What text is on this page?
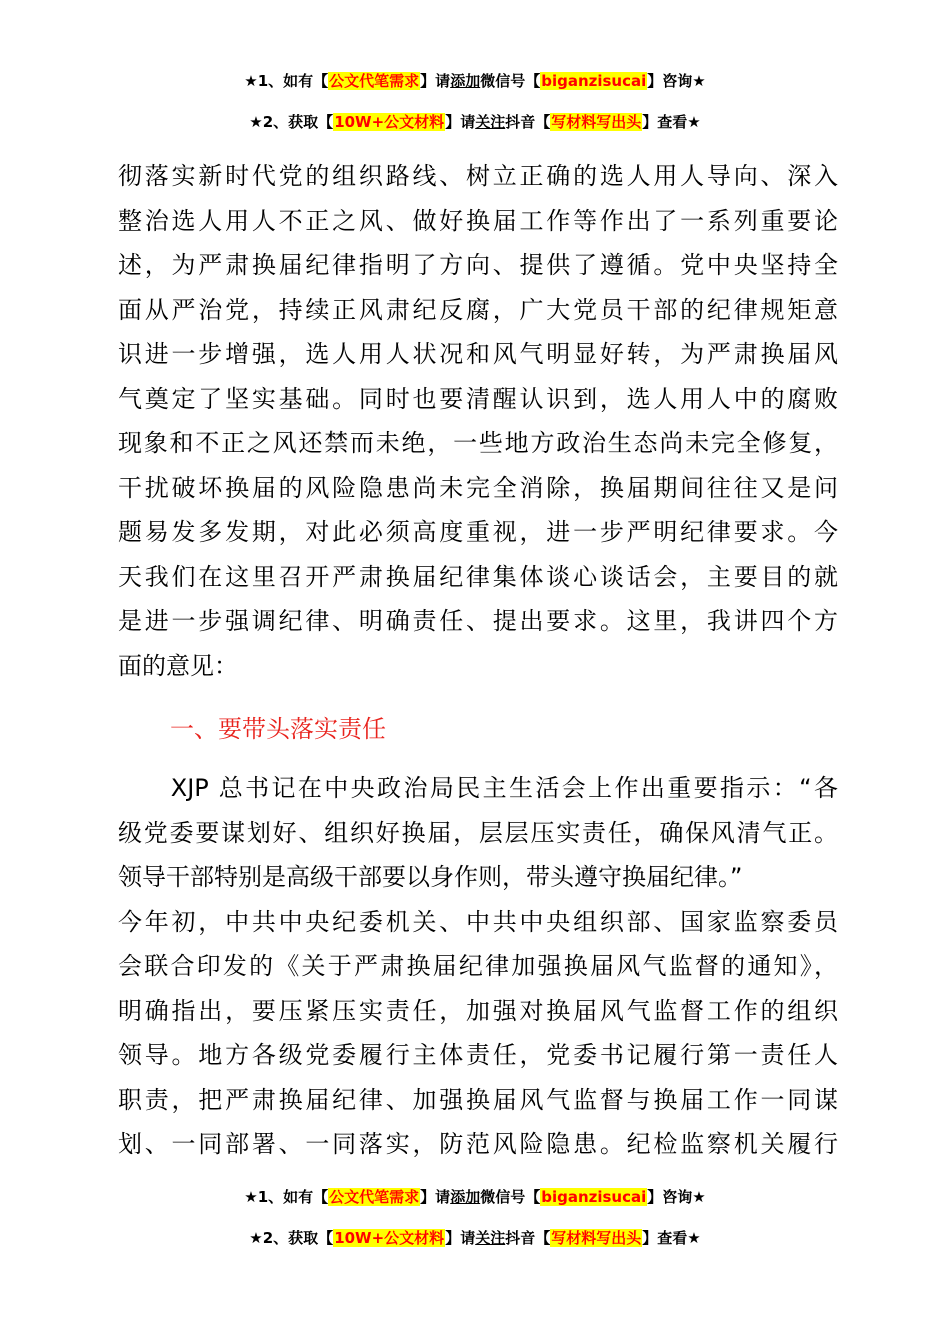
★1、如有【公文代笔需求】请添加微信号【biganzisucai】咨询★
★2、获取【10W+公文材料】请关注抖音【写材料写出头】查看★
彻落实新时代党的组织路线、树立正确的选人用人导向、深入
整治选人用人不正之风、做好换届工作等作出了一系列重要论
述，为严肃换届纪律指明了方向、提供了遵循。党中央坚持全
面从严治党，持续正风肃纪反腐，广大党员干部的纪律规矩意
识进一步增强，选人用人状况和风气明显好转，为严肃换届风
气奠定了坚实基础。同时也要清醒认识到，选人用人中的腐败
现象和不正之风还禁而未绝，一些地方政治生态尚未完全修复，
干扰破坏换届的风险隐患尚未完全消除，换届期间往往又是问
题易发多发期，对此必须高度重视，进一步严明纪律要求。今
天我们在这里召开严肃换届纪律集体谈心谈话会，主要目的就
是进一步强调纪律、明确责任、提出要求。这里，我讲四个方
面的意见：
一、要带头落实责任
　　XJP 总书记在中央政治局民主生活会上作出重要指示：“各
级党委要谋划好、组织好换届，层层压实责任，确保风清气正。
领导干部特别是高级干部要以身作则，带头遵守换届纪律。”
今年初，中共中央纪委机关、中共中央组织部、国家监察委员
会联合印发的《关于严肃换届纪律加强换届风气监督的通知》，
明确指出，要压紧压实责任，加强对换届风气监督工作的组织
领导。地方各级党委履行主体责任，党委书记履行第一责任人
职责，把严肃换届纪律、加强换届风气监督与换届工作一同谋
划、一同部署、一同落实，防范风险隐患。纪检监察机关履行
★1、如有【公文代笔需求】请添加微信号【biganzisucai】咨询★
★2、获取【10W+公文材料】请关注抖音【写材料写出头】查看★
